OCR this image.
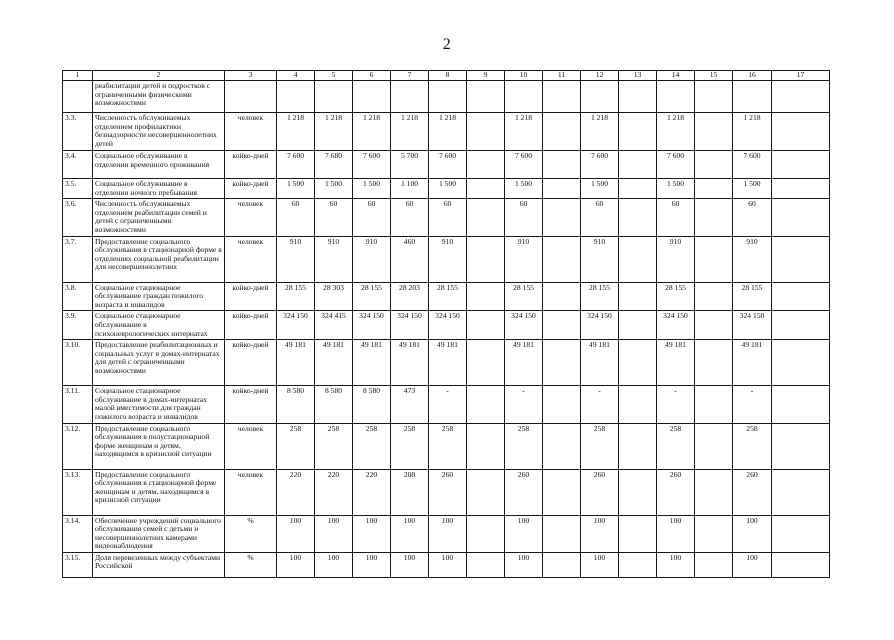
2
1	2	3	4	5	6	7	8	9	10	11	12	13	14	15	16	17
	реабилитации детей и подростков с ограниченными физическими возможностями															
3.3.	Численность обслуживаемых отделением профилактики безнадзорности несовершеннолетних детей	человек	1 218	1 218	1 218	1 218	1 218		1 218		1 218		1 218		1 218	
3.4.	Социальное обслуживание в отделении временного проживания	койко-дней	7 600	7 680	7 600	5 700	7 600		7 600		7 600		7 600		7 600	
3.5.	Социальное обслуживание в отделении ночного пребывания	койко-дней	1 500	1 500	1 500	1 100	1 500		1 500		1 500		1 500		1 500	
3.6.	Численность обслуживаемых отделением реабилитации семей и детей с ограниченными возможностями	человек	60	60	60	60	60		60		60		60		60	
3.7.	Предоставление социального обслуживания в стационарной форме в отделениях социальной реабилитации для несовершеннолетних	человек	910	910	910	460	910		910		910		910		910	
3.8.	Социальное стационарное обслуживание граждан пожилого возраста и инвалидов	койко-дней	28 155	28 303	28 155	28 203	28 155		28 155		28 155		28 155		28 155	
3.9.	Социальное стационарное обслуживание в психоневрологических интернатах	койко-дней	324 150	324 415	324 150	324 150	324 150		324 150		324 150		324 150		324 150	
3.10.	Предоставление реабилитационных и социальных услуг в домах-интернатах для детей с ограниченными возможностями	койко-дней	49 181	49 181	49 181	49 181	49 181		49 181		49 181		49 181		49 181	
3.11.	Социальное стационарное обслуживание в домах-интернатах малой вместимости для граждан пожилого возраста и инвалидов	койко-дней	8 580	8 580	8 580	473	-		-		-		-		-	
3.12.	Предоставление социального обслуживания в полустационарной форме женщинам и детям, находящимся в кризисной ситуации	человек	258	258	258	258	258		258		258		258		258	
3.13.	Предоставление социального обслуживания в стационарной форме женщинам и детям, находящимся в кризисной ситуации	человек	220	220	220	208	260		260		260		260		260	
3.14.	Обеспечение учреждений социального обслуживания семей с детьми и несовершеннолетних камерами видеонаблюдения	%	100	100	100	100	100		100		100		100		100	
3.15.	Доля перевезенных между субъектами Российской	%	100	100	100	100	100		100		100		100		100	
